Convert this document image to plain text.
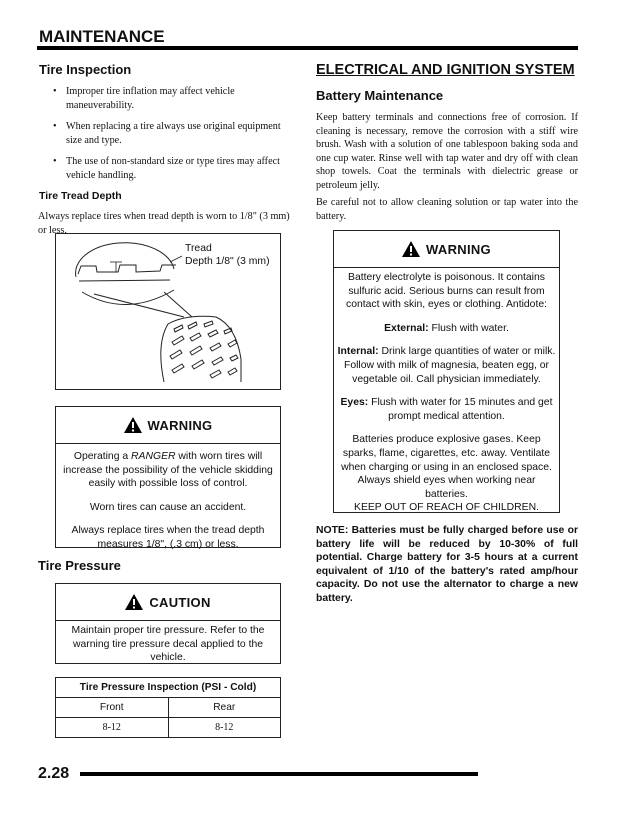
MAINTENANCE
Tire Inspection
• Improper tire inflation may affect vehicle maneuverability.
• When replacing a tire always use original equipment size and type.
• The use of non-standard size or type tires may affect vehicle handling.
Tire Tread Depth
Always replace tires when tread depth is worn to 1/8" (3 mm) or less.
Tread
Depth 1/8" (3 mm)
WARNING

Operating a RANGER with worn tires will increase the possibility of the vehicle skidding easily with possible loss of control.

Worn tires can cause an accident.

Always replace tires when the tread depth measures 1/8", (.3 cm) or less.

Tire Pressure
CAUTION

Maintain proper tire pressure. Refer to the warning tire pressure decal applied to the vehicle.

Tire Pressure Inspection (PSI - Cold)	
Front	Rear
8-12	8-12
ELECTRICAL AND IGNITION SYSTEM
Battery Maintenance
Keep battery terminals and connections free of corrosion. If cleaning is necessary, remove the corrosion with a stiff wire brush. Wash with a solution of one tablespoon baking soda and one cup water. Rinse well with tap water and dry off with clean shop towels. Coat the terminals with dielectric grease or petroleum jelly.
Be careful not to allow cleaning solution or tap water into the battery.
WARNING

Battery electrolyte is poisonous. It contains sulfuric acid. Serious burns can result from contact with skin, eyes or clothing. Antidote:

External: Flush with water.

Internal: Drink large quantities of water or milk. Follow with milk of magnesia, beaten egg, or vegetable oil. Call physician immediately.

Eyes: Flush with water for 15 minutes and get prompt medical attention.

Batteries produce explosive gases. Keep sparks, flame, cigarettes, etc. away. Ventilate when charging or using in an enclosed space. Always shield eyes when working near batteries.

KEEP OUT OF REACH OF CHILDREN.

NOTE: Batteries must be fully charged before use or battery life will be reduced by 10-30% of full potential. Charge battery for 3-5 hours at a current equivalent of 1/10 of the battery's rated amp/hour capacity. Do not use the alternator to charge a new battery.
2.28
